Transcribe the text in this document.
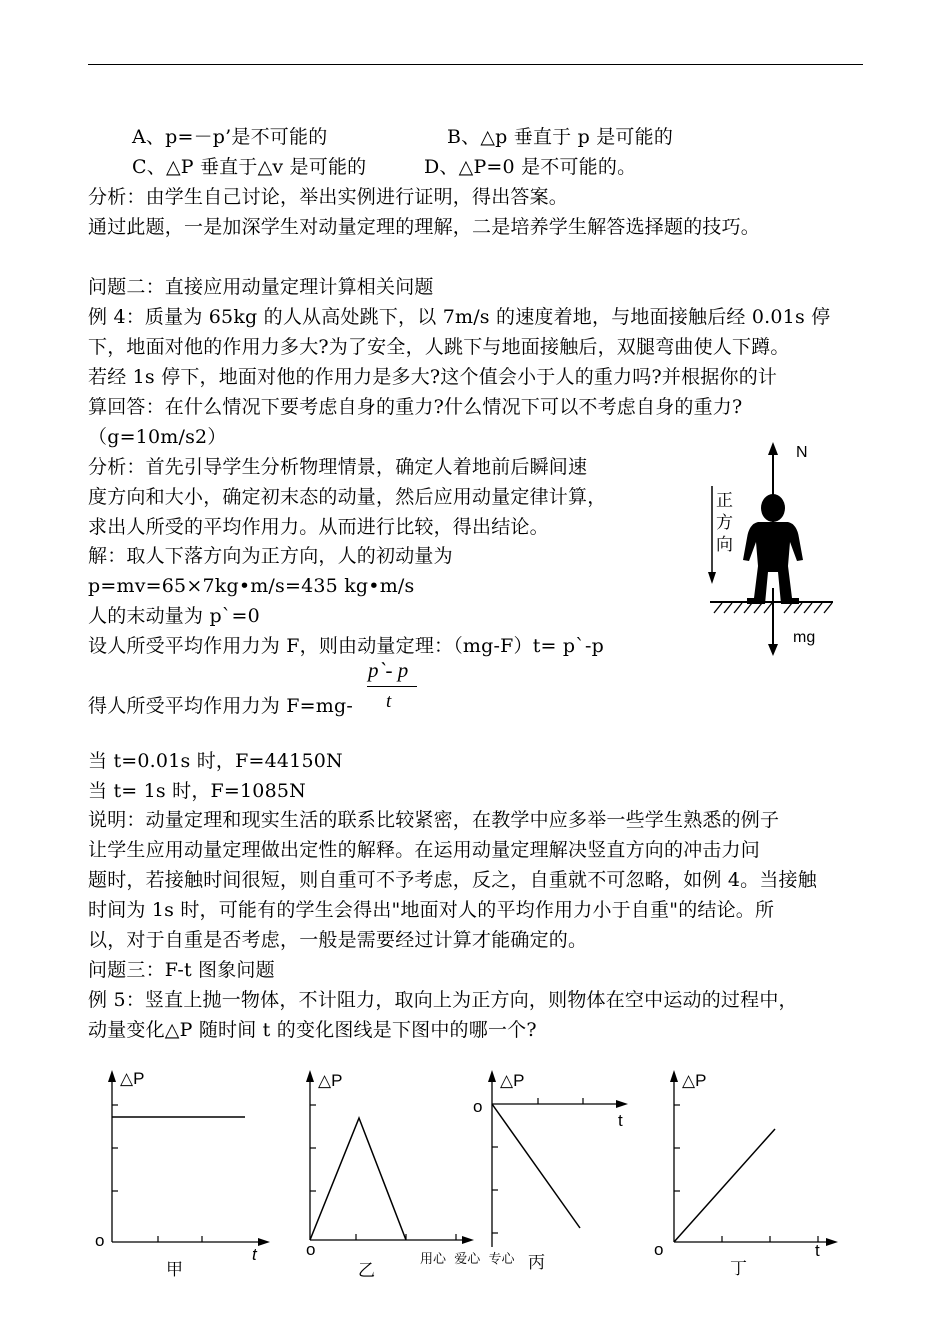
A、p=－p’是不可能的	B、△p 垂直于 p 是可能的
C、△P 垂直于△v 是可能的	D、△P=0 是不可能的。
分析：由学生自己讨论，举出实例进行证明，得出答案。
通过此题，一是加深学生对动量定理的理解，二是培养学生解答选择题的技巧。
问题二：直接应用动量定理计算相关问题
例 4：质量为 65kg 的人从高处跳下，以 7m/s 的速度着地，与地面接触后经 0.01s 停
下，地面对他的作用力多大?为了安全，人跳下与地面接触后，双腿弯曲使人下蹲。
若经 1s 停下，地面对他的作用力是多大?这个值会小于人的重力吗?并根据你的计
算回答：在什么情况下要考虑自身的重力?什么情况下可以不考虑自身的重力?
（g=10m/s2）
分析：首先引导学生分析物理情景，确定人着地前后瞬间速
度方向和大小，确定初末态的动量，然后应用动量定律计算，
求出人所受的平均作用力。从而进行比较，得出结论。
解：取人下落方向为正方向，人的初动量为
p=mv=65×7kg•m/s=435 kg•m/s
人的末动量为 p`=0
设人所受平均作用力为 F，则由动量定理：（mg-F）t= p`-p
得人所受平均作用力为 F=mg-
p`- p
t
当 t=0.01s 时，F=44150N
当 t= 1s 时，F=1085N
说明：动量定理和现实生活的联系比较紧密，在教学中应多举一些学生熟悉的例子
让学生应用动量定理做出定性的解释。在运用动量定理解决竖直方向的冲击力问
题时，若接触时间很短，则自重可不予考虑，反之，自重就不可忽略，如例 4。当接触
时间为 1s 时，可能有的学生会得出"地面对人的平均作用力小于自重"的结论。所
以，对于自重是否考虑，一般是需要经过计算才能确定的。
问题三：F-t 图象问题
例 5：竖直上抛一物体，不计阻力，取向上为正方向，则物体在空中运动的过程中，
动量变化△P 随时间 t 的变化图线是下图中的哪一个?
N
正
方
向
mg
△P
o
t
甲
△P
o
乙
用心  爱心  专心
△P
o
t
丙
△P
o	t
丁
